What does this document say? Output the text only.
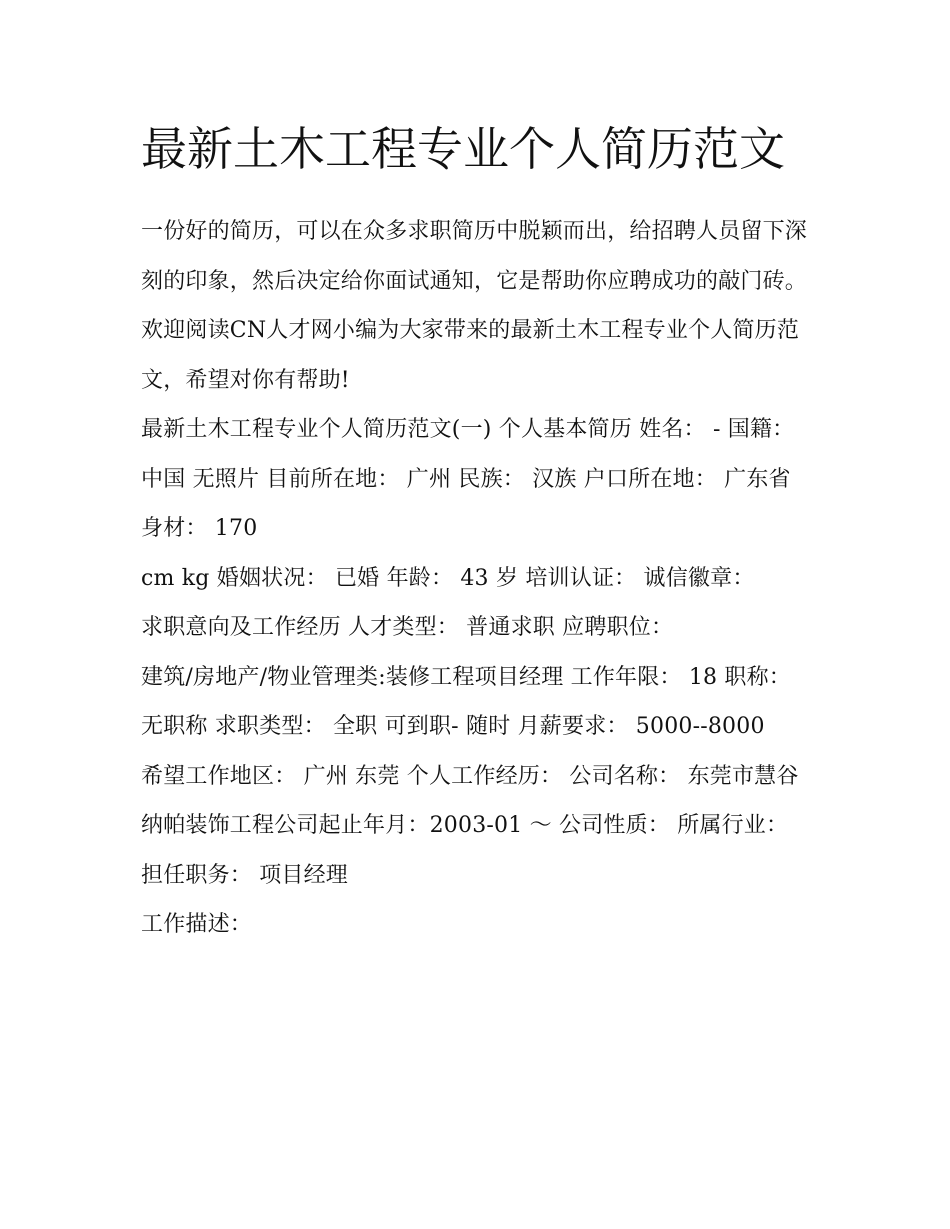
最新土木工程专业个人简历范文

一份好的简历，可以在众多求职简历中脱颖而出，给招聘人员留下深刻的印象，然后决定给你面试通知，它是帮助你应聘成功的敲门砖。欢迎阅读CN人才网小编为大家带来的最新土木工程专业个人简历范文，希望对你有帮助!

最新土木工程专业个人简历范文(一) 个人基本简历 姓名： - 国籍： 中国 无照片 目前所在地： 广州 民族： 汉族 户口所在地： 广东省 身材： 170

cm kg 婚姻状况： 已婚 年龄： 43 岁 培训认证： 诚信徽章：

求职意向及工作经历 人才类型： 普通求职 应聘职位：

建筑/房地产/物业管理类:装修工程项目经理 工作年限： 18 职称： 无职称 求职类型： 全职 可到职- 随时 月薪要求： 5000--8000

希望工作地区： 广州 东莞 个人工作经历： 公司名称： 东莞市慧谷纳帕装饰工程公司起止年月：2003-01 ～ 公司性质： 所属行业： 担任职务： 项目经理

工作描述：
